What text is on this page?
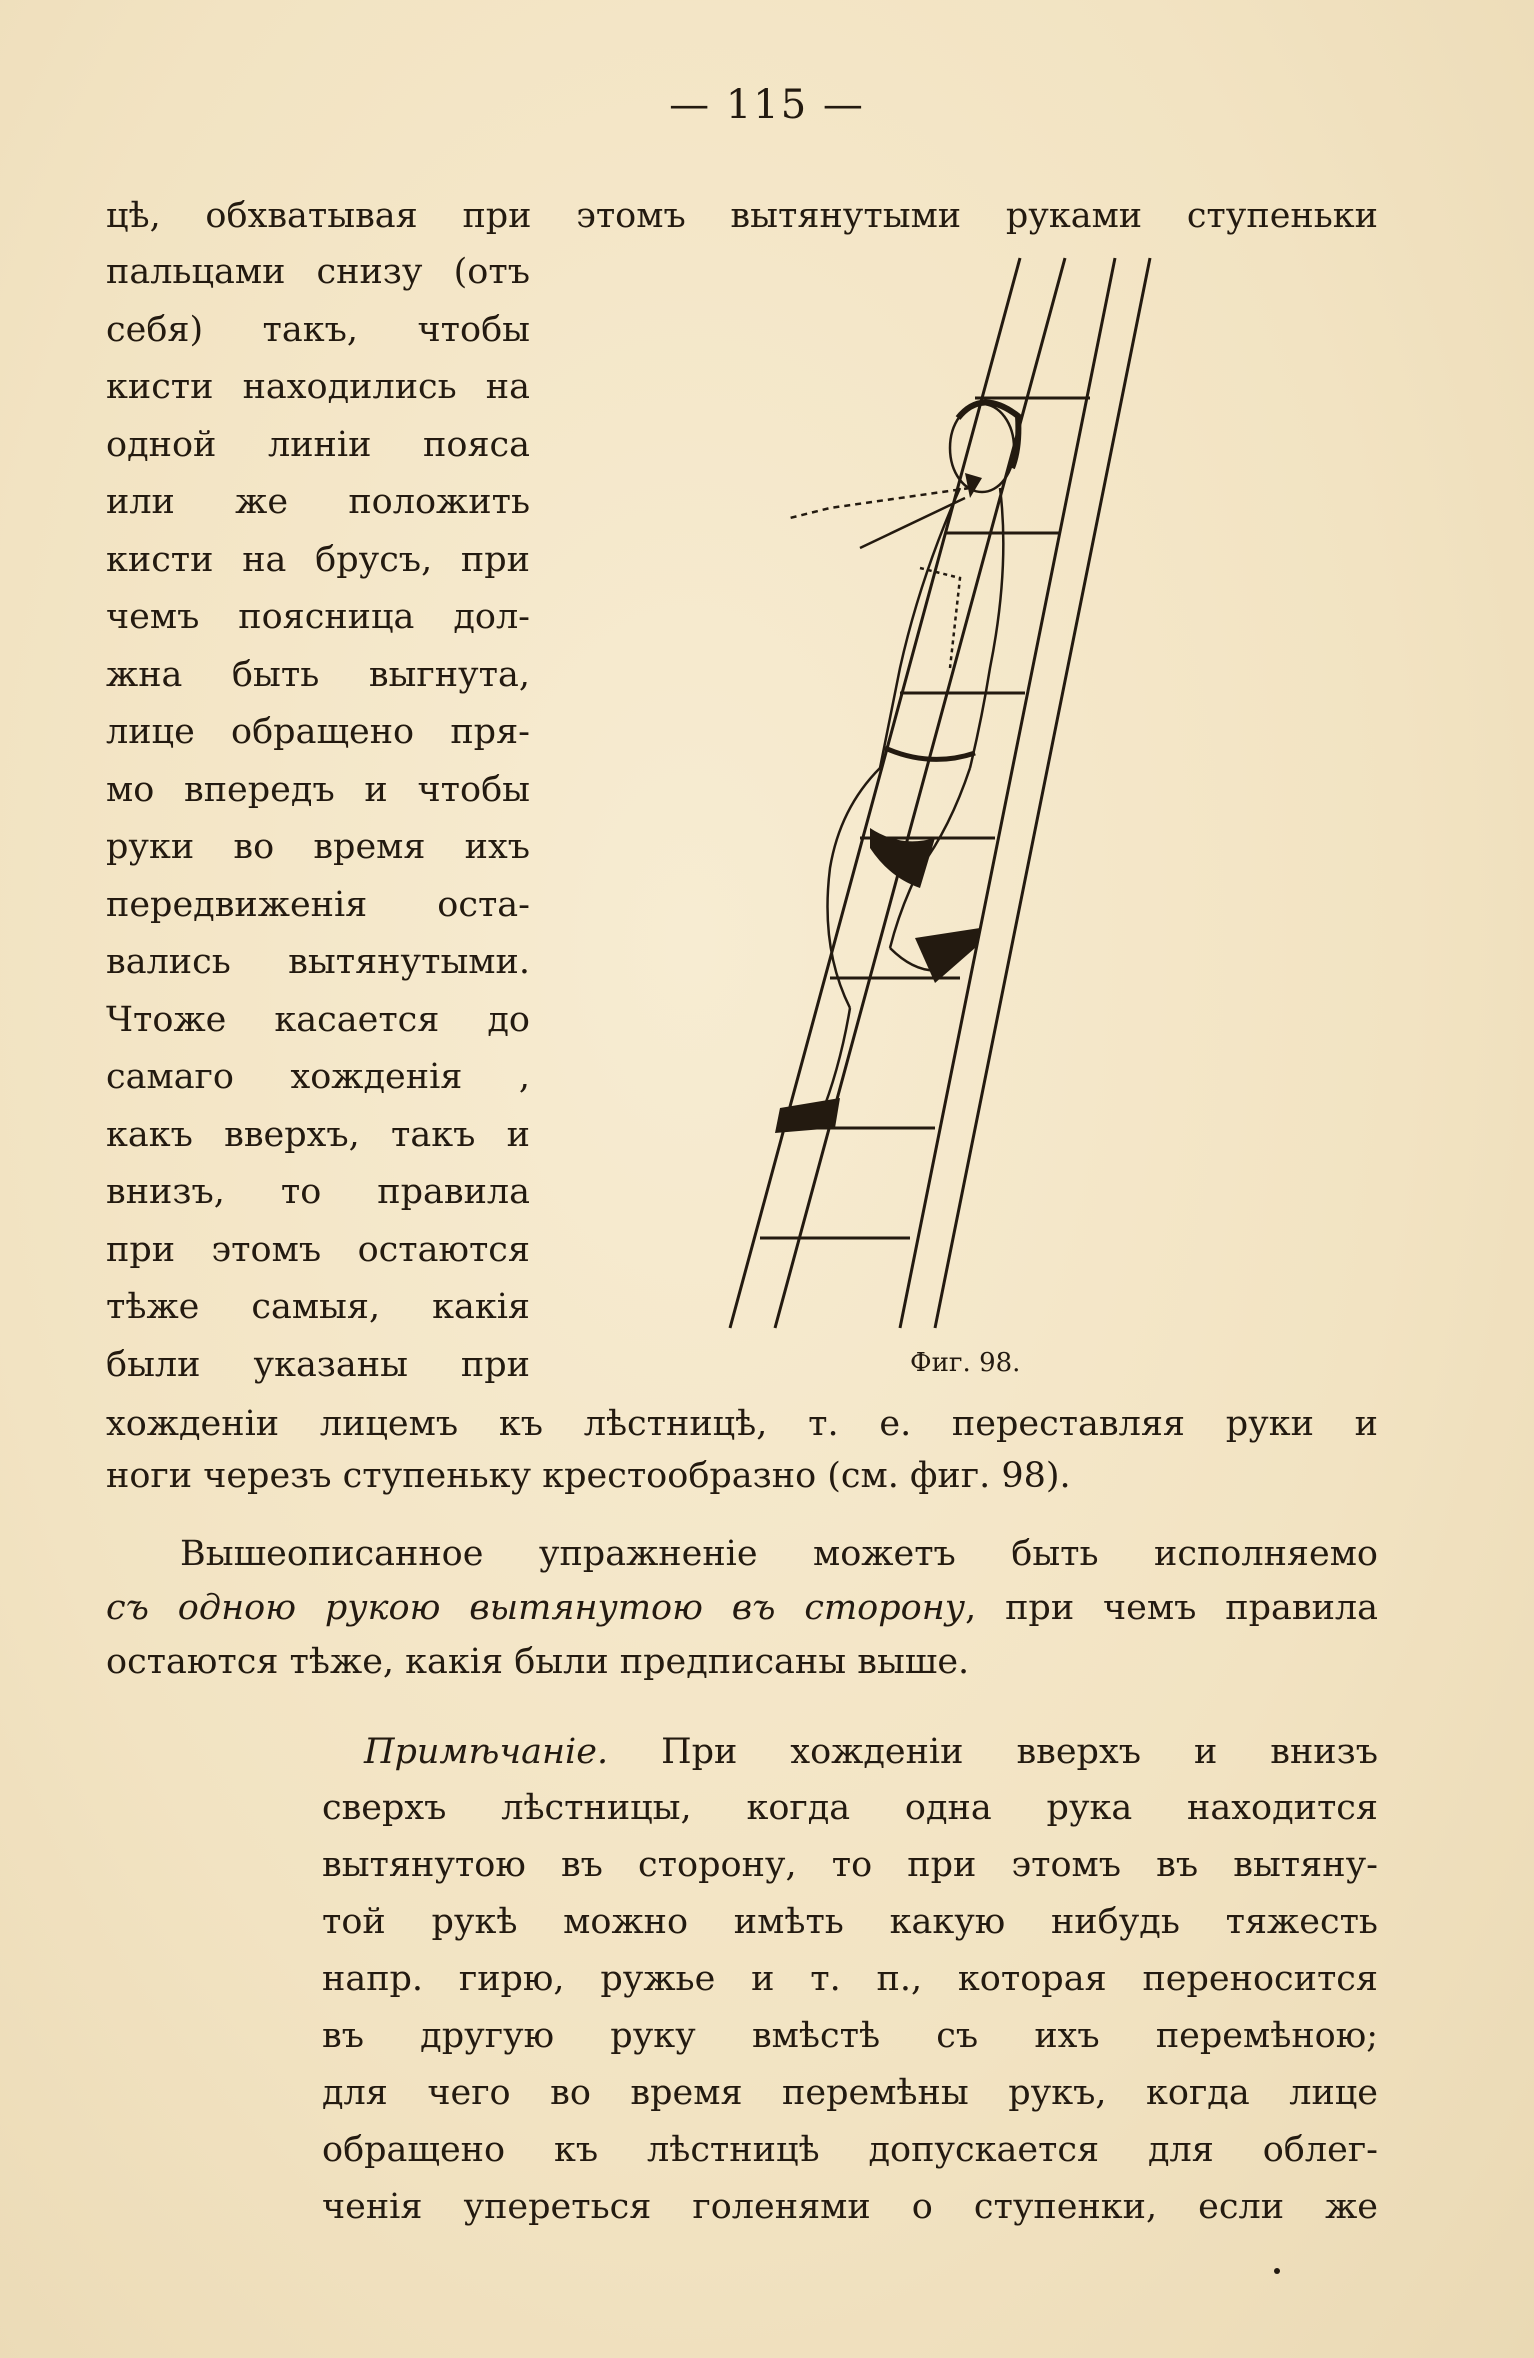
— 115 —
цѣ, обхватывая при этомъ вытянутыми руками ступеньки
пальцами снизу (отъ
себя) такъ, чтобы
кисти находились на
одной линіи пояса
или же положить
кисти на брусъ, при
чемъ поясница дол-
жна быть выгнута,
лице обращено пря-
мо впередъ и чтобы
руки во время ихъ
передвиженія оста-
вались вытянутыми.
Чтоже касается до
самаго хожденія ,
какъ вверхъ, такъ и
внизъ, то правила
при этомъ остаются
тѣже самыя, какія
были указаны при	Фиг. 98.
хожденіи лицемъ къ лѣстницѣ, т. е. переставляя руки и
ноги черезъ ступеньку крестообразно (см. фиг. 98).
Вышеописанное упражненіе можетъ быть исполняемо
съ одною рукою вытянутою въ сторону, при чемъ правила
остаются тѣже, какія были предписаны выше.
Примѣчаніе. При хожденіи вверхъ и внизъ
сверхъ лѣстницы, когда одна рука находится
вытянутою въ сторону, то при этомъ въ вытяну-
той рукѣ можно имѣть какую нибудь тяжесть
напр. гирю, ружье и т. п., которая переносится
въ другую руку вмѣстѣ съ ихъ перемѣною;
для чего во время перемѣны рукъ, когда лице
обращено къ лѣстницѣ допускается для облег-
ченія упереться голенями о ступенки, если же
